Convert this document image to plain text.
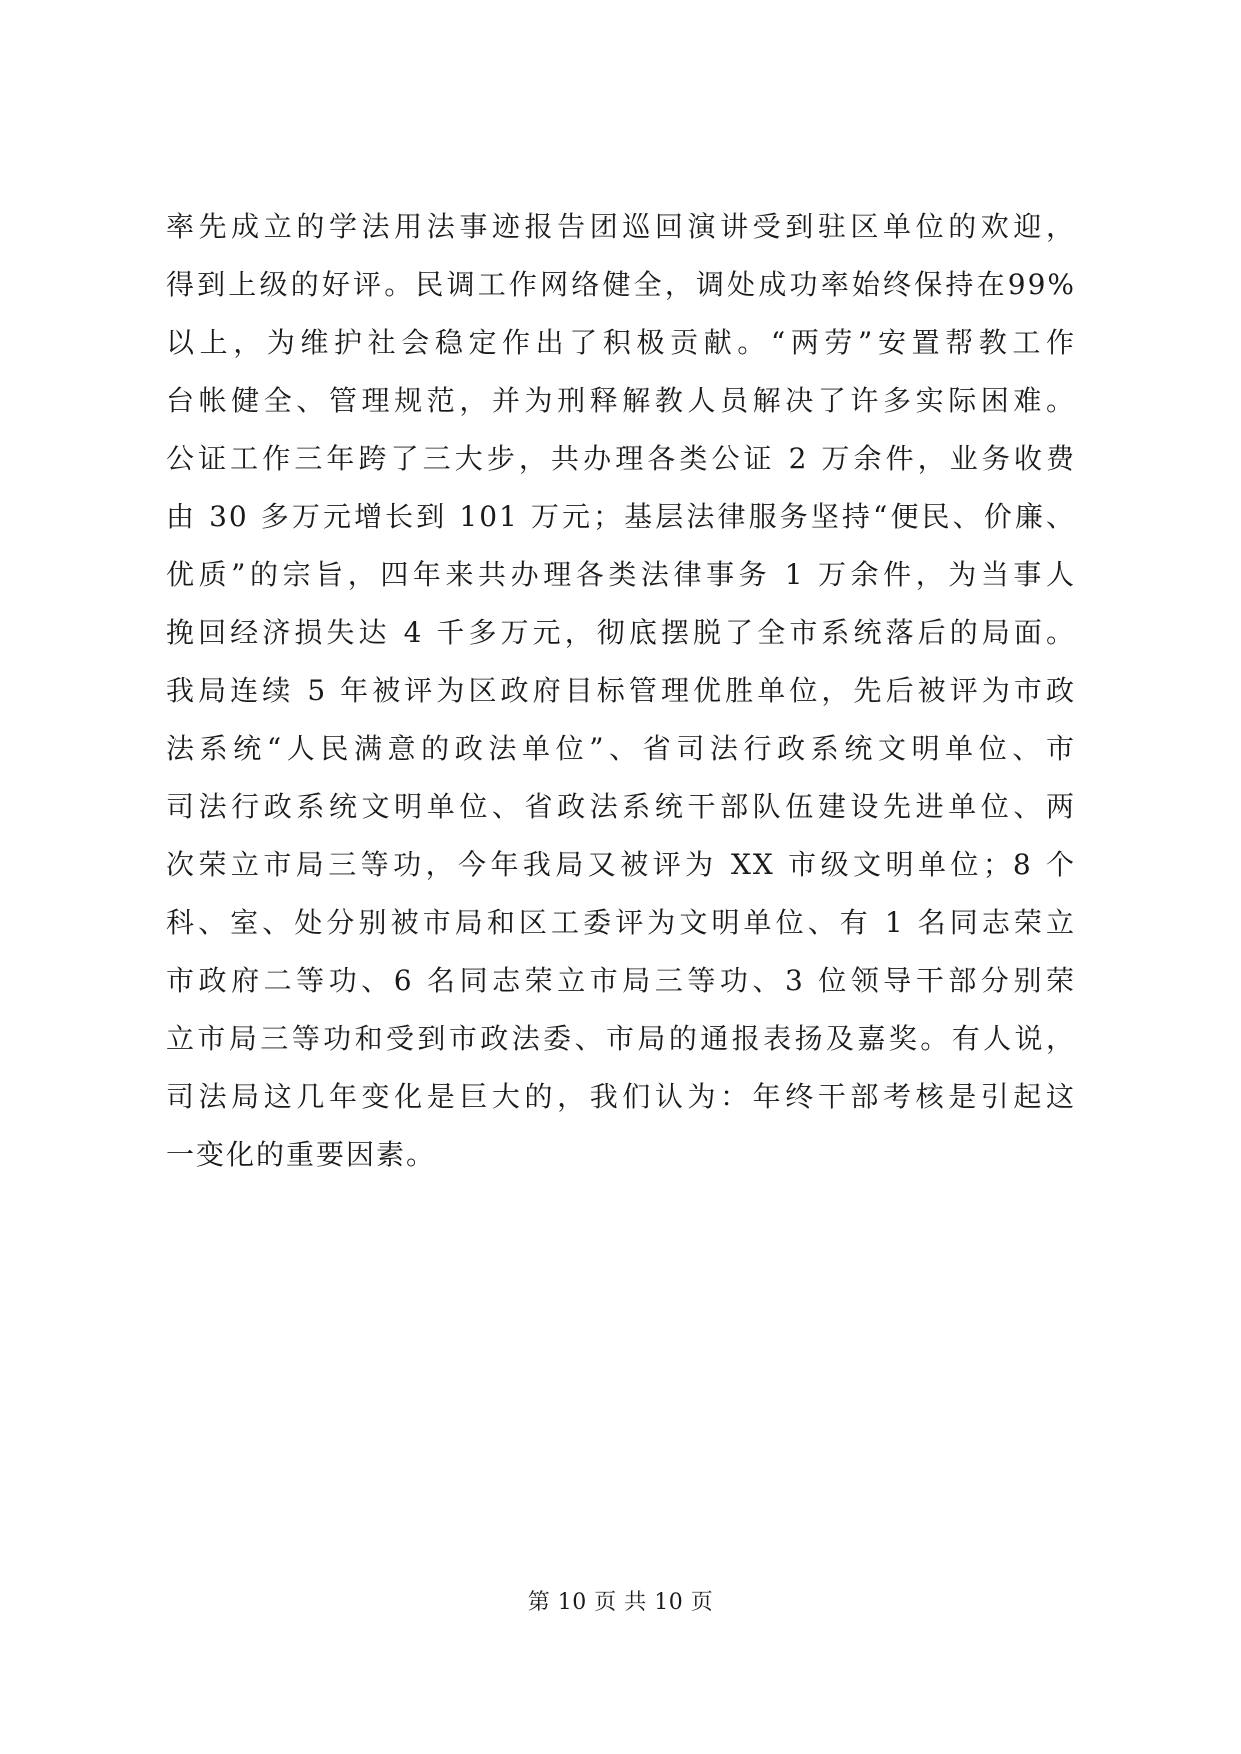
率先成立的学法用法事迹报告团巡回演讲受到驻区单位的欢迎，
得到上级的好评。民调工作网络健全，调处成功率始终保持在99%
以上，为维护社会稳定作出了积极贡献。“两劳”安置帮教工作
台帐健全、管理规范，并为刑释解教人员解决了许多实际困难。
公证工作三年跨了三大步，共办理各类公证 2 万余件，业务收费
由 30 多万元增长到 101 万元；基层法律服务坚持“便民、价廉、
优质”的宗旨，四年来共办理各类法律事务 1 万余件，为当事人
挽回经济损失达 4 千多万元，彻底摆脱了全市系统落后的局面。
我局连续 5 年被评为区政府目标管理优胜单位，先后被评为市政
法系统“人民满意的政法单位”、省司法行政系统文明单位、市
司法行政系统文明单位、省政法系统干部队伍建设先进单位、两
次荣立市局三等功，今年我局又被评为 XX 市级文明单位；8 个
科、室、处分别被市局和区工委评为文明单位、有 1 名同志荣立
市政府二等功、6 名同志荣立市局三等功、3 位领导干部分别荣
立市局三等功和受到市政法委、市局的通报表扬及嘉奖。有人说，
司法局这几年变化是巨大的，我们认为：年终干部考核是引起这
一变化的重要因素。
第 10 页 共 10 页
